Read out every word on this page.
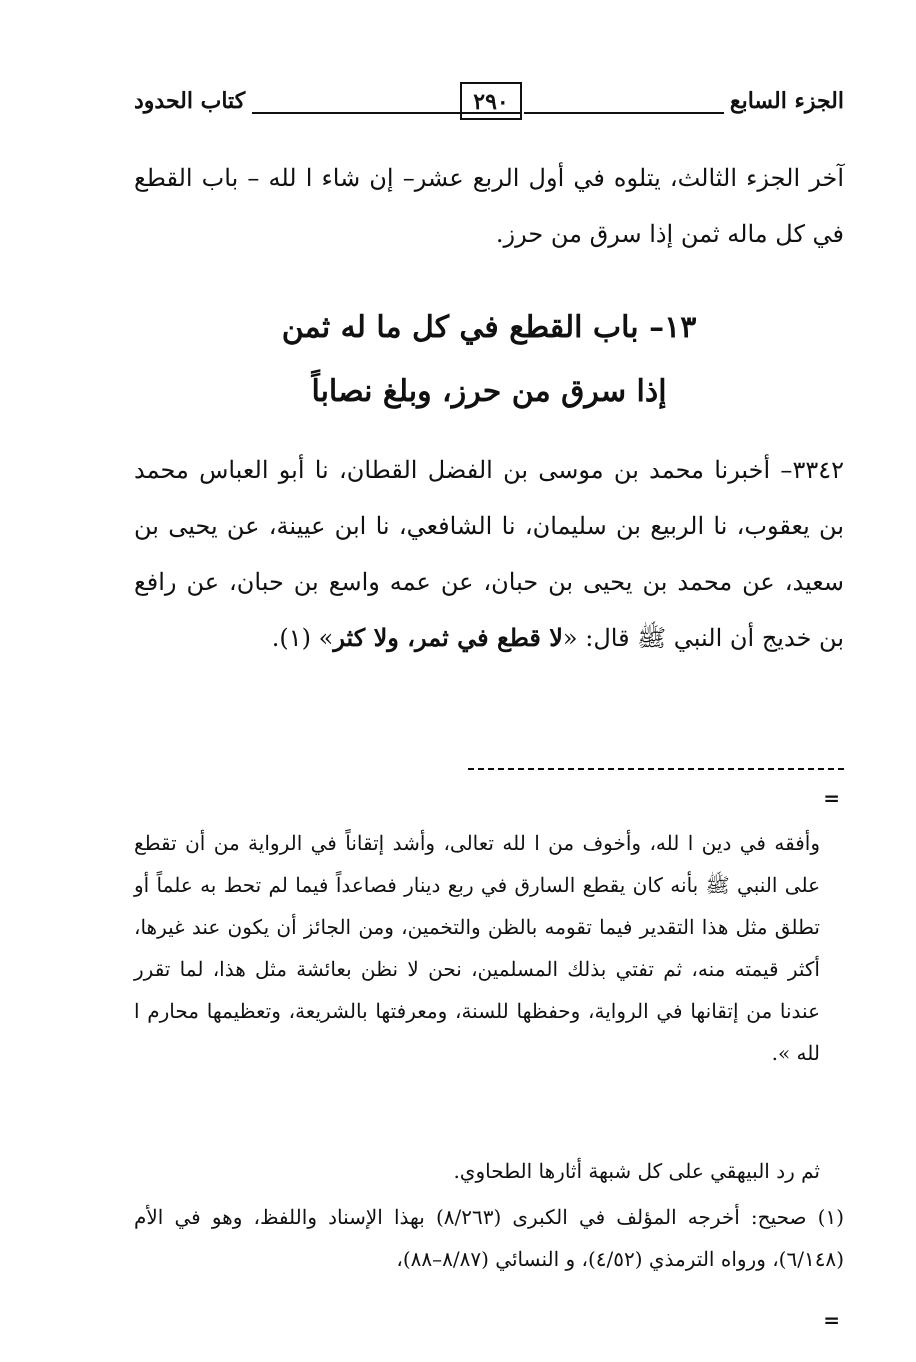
الجزء السابع
٢٩٠
كتاب الحدود

آخر الجزء الثالث، يتلوه في أول الربع عشر– إن شاء ا لله – باب القطع في كل ماله ثمن إذا سرق من حرز.

١٣– باب القطع في كل ما له ثمن
إذا سرق من حرز، وبلغ نصاباً

٣٣٤٢– أخبرنا محمد بن موسى بن الفضل القطان، نا أبو العباس محمد بن يعقوب، نا الربيع بن سليمان، نا الشافعي، نا ابن عيينة، عن يحيى بن سعيد، عن محمد بن يحيى بن حبان، عن عمه واسع بن حبان، عن رافع بن خديج أن النبي ﷺ قال: «لا قطع في ثمر، ولا كثر» (١).

=

وأفقه في دين ا لله، وأخوف من ا لله تعالى، وأشد إتقاناً في الرواية من أن تقطع على النبي ﷺ بأنه كان يقطع السارق في ربع دينار فصاعداً فيما لم تحط به علماً أو تطلق مثل هذا التقدير فيما تقومه بالظن والتخمين، ومن الجائز أن يكون عند غيرها، أكثر قيمته منه، ثم تفتي بذلك المسلمين، نحن لا نظن بعائشة مثل هذا، لما تقرر عندنا من إتقانها في الرواية، وحفظها للسنة، ومعرفتها بالشريعة، وتعظيمها محارم ا لله ».

ثم رد البيهقي على كل شبهة أثارها الطحاوي.

(١) صحيح: أخرجه المؤلف في الكبرى (٨/٢٦٣) بهذا الإسناد واللفظ، وهو في الأم (٦/١٤٨)، ورواه الترمذي (٤/٥٢)، و النسائي (٨/٨٧–٨٨)،

=
